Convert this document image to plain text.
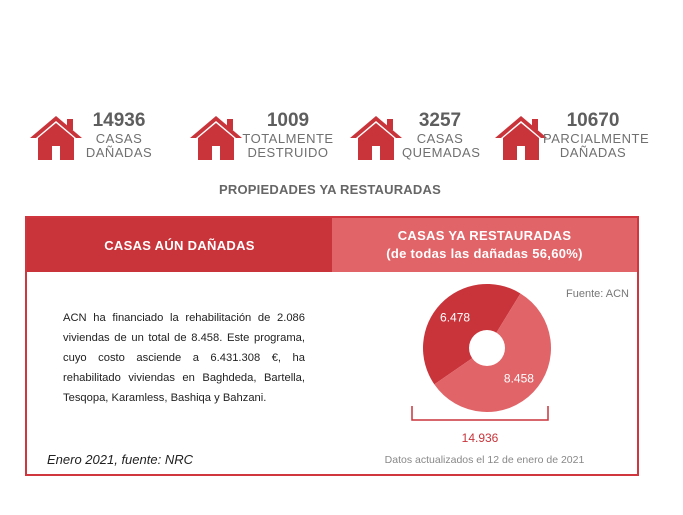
14936
CASAS
DAÑADAS
1009
TOTALMENTE
DESTRUIDO
3257
CASAS
QUEMADAS
10670
PARCIALMENTE
DAÑADAS
PROPIEDADES YA RESTAURADAS
CASAS AÚN DAÑADAS
CASAS YA RESTAURADAS
(de todas las dañadas 56,60%)
ACN ha financiado la rehabilitación de 2.086 viviendas de un total de 8.458. Este programa, cuyo costo asciende a 6.431.308 €, ha rehabilitado viviendas en Baghdeda, Bartella, Tesqopa, Karamless, Bashiqa y Bahzani.
Enero 2021, fuente: NRC
Fuente: ACN
6.478
8.458
14.936
Datos actualizados el 12 de enero de 2021
